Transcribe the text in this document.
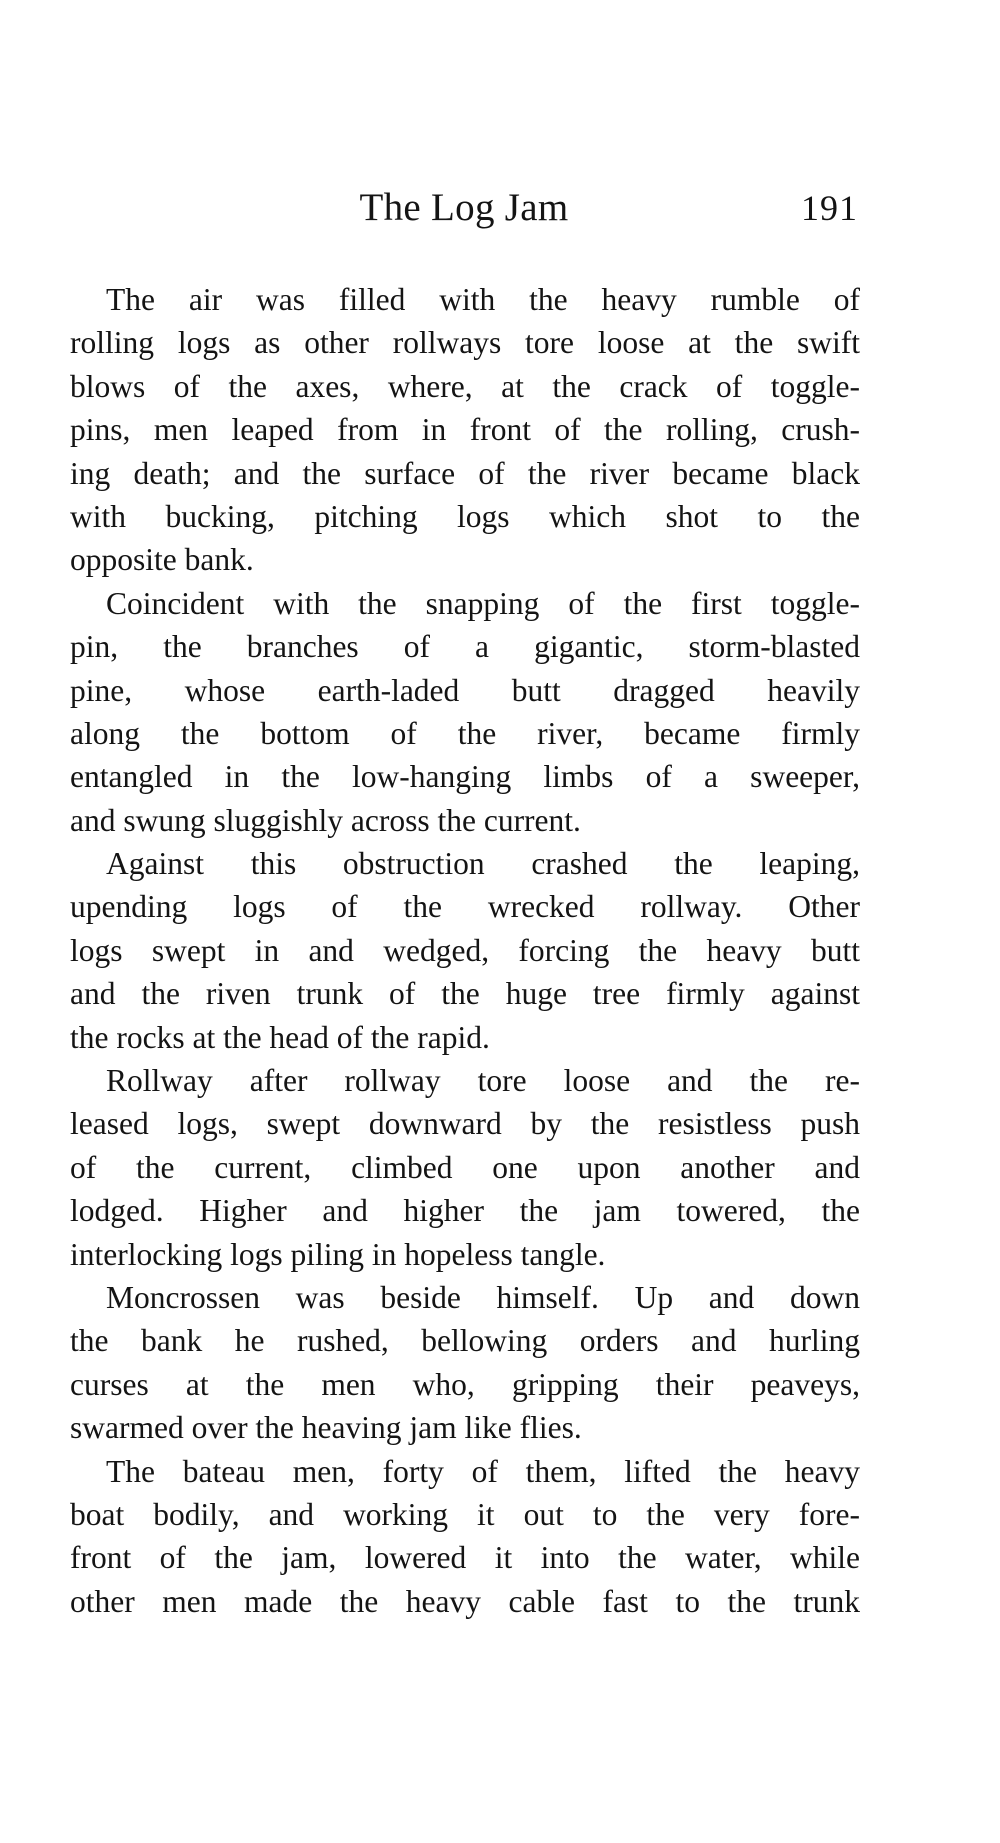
The Log Jam	191
The air was filled with the heavy rumble of
rolling logs as other rollways tore loose at the swift
blows of the axes, where, at the crack of toggle-
pins, men leaped from in front of the rolling, crush-
ing death; and the surface of the river became black
with bucking, pitching logs which shot to the
opposite bank.
Coincident with the snapping of the first toggle-
pin, the branches of a gigantic, storm-blasted
pine, whose earth-laded butt dragged heavily
along the bottom of the river, became firmly
entangled in the low-hanging limbs of a sweeper,
and swung sluggishly across the current.
Against this obstruction crashed the leaping,
upending logs of the wrecked rollway. Other
logs swept in and wedged, forcing the heavy butt
and the riven trunk of the huge tree firmly against
the rocks at the head of the rapid.
Rollway after rollway tore loose and the re-
leased logs, swept downward by the resistless push
of the current, climbed one upon another and
lodged. Higher and higher the jam towered, the
interlocking logs piling in hopeless tangle.
Moncrossen was beside himself. Up and down
the bank he rushed, bellowing orders and hurling
curses at the men who, gripping their peaveys,
swarmed over the heaving jam like flies.
The bateau men, forty of them, lifted the heavy
boat bodily, and working it out to the very fore-
front of the jam, lowered it into the water, while
other men made the heavy cable fast to the trunk
